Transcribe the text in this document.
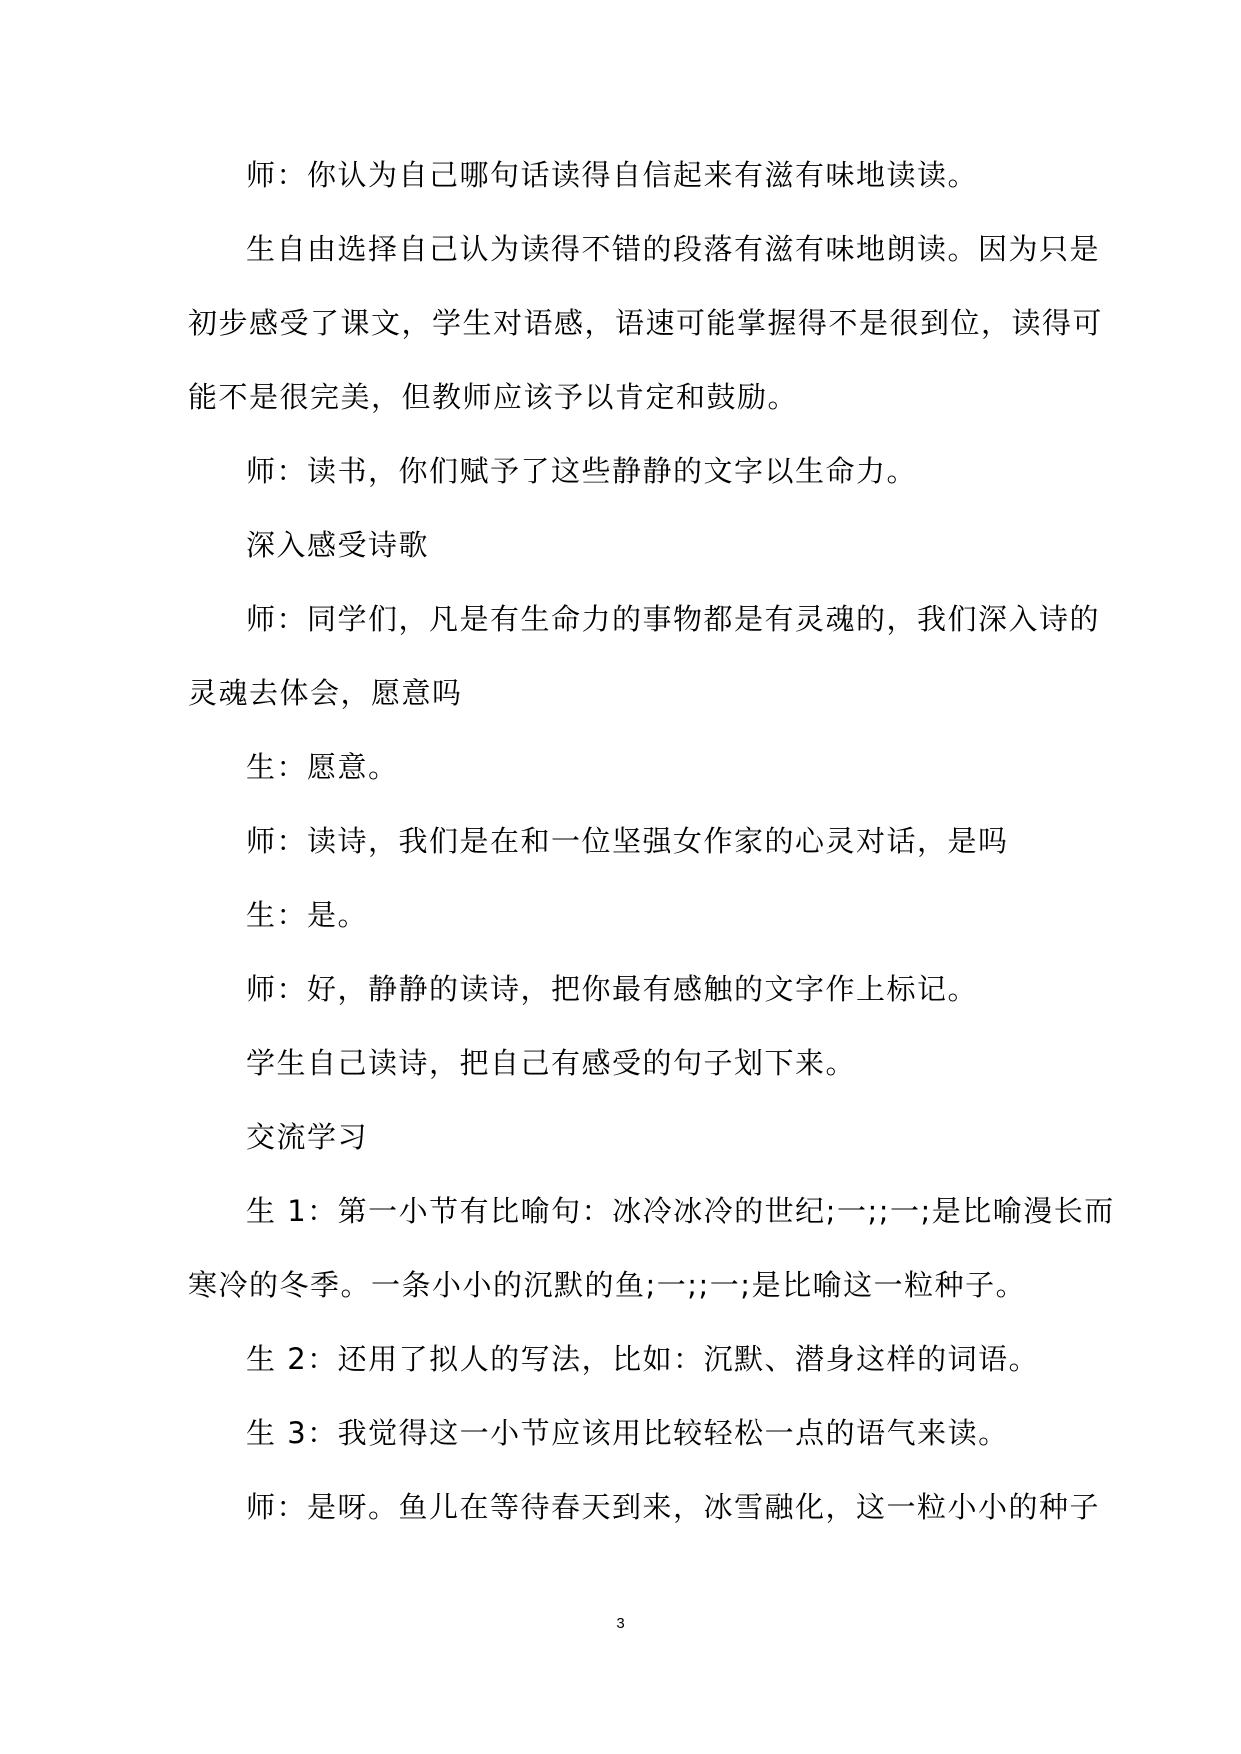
师：你认为自己哪句话读得自信起来有滋有味地读读。
生自由选择自己认为读得不错的段落有滋有味地朗读。因为只是
初步感受了课文，学生对语感，语速可能掌握得不是很到位，读得可
能不是很完美，但教师应该予以肯定和鼓励。
师：读书，你们赋予了这些静静的文字以生命力。
深入感受诗歌
师：同学们，凡是有生命力的事物都是有灵魂的，我们深入诗的
灵魂去体会，愿意吗
生：愿意。
师：读诗，我们是在和一位坚强女作家的心灵对话，是吗
生：是。
师：好，静静的读诗，把你最有感触的文字作上标记。
学生自己读诗，把自己有感受的句子划下来。
交流学习
生 1：第一小节有比喻句：冰冷冰冷的世纪;一;;一;是比喻漫长而
寒冷的冬季。一条小小的沉默的鱼;一;;一;是比喻这一粒种子。
生 2：还用了拟人的写法，比如：沉默、潜身这样的词语。
生 3：我觉得这一小节应该用比较轻松一点的语气来读。
师：是呀。鱼儿在等待春天到来，冰雪融化，这一粒小小的种子
3
